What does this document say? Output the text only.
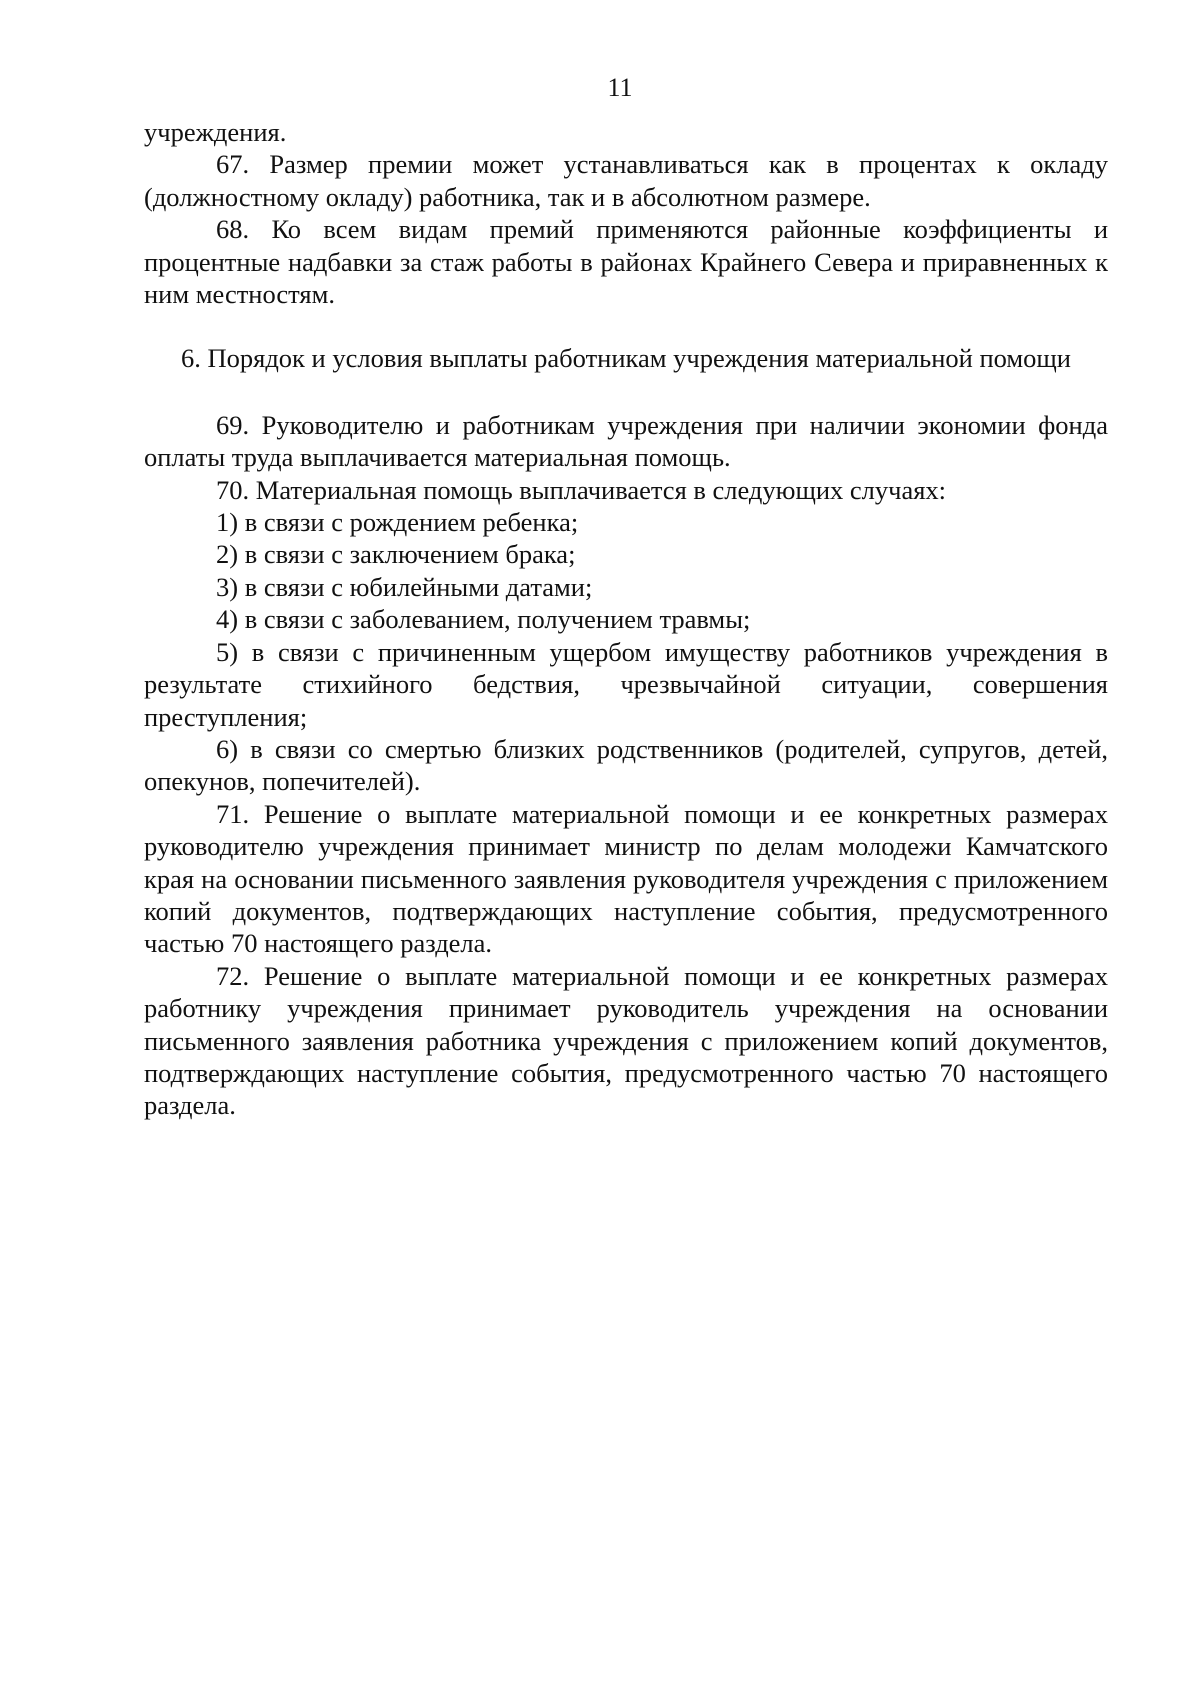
11

учреждения.

67. Размер премии может устанавливаться как в процентах к окладу (должностному окладу) работника, так и в абсолютном размере.

68. Ко всем видам премий применяются районные коэффициенты и процентные надбавки за стаж работы в районах Крайнего Севера и приравненных к ним местностям.

6. Порядок и условия выплаты работникам учреждения материальной помощи

69. Руководителю и работникам учреждения при наличии экономии фонда оплаты труда выплачивается материальная помощь.

70. Материальная помощь выплачивается в следующих случаях:

1) в связи с рождением ребенка;

2) в связи с заключением брака;

3) в связи с юбилейными датами;

4) в связи с заболеванием, получением травмы;

5) в связи с причиненным ущербом имуществу работников учреждения в результате стихийного бедствия, чрезвычайной ситуации, совершения преступления;

6) в связи со смертью близких родственников (родителей, супругов, детей, опекунов, попечителей).

71. Решение о выплате материальной помощи и ее конкретных размерах руководителю учреждения принимает министр по делам молодежи Камчатского края на основании письменного заявления руководителя учреждения с приложением копий документов, подтверждающих наступление события, предусмотренного частью 70 настоящего раздела.

72. Решение о выплате материальной помощи и ее конкретных размерах работнику учреждения принимает руководитель учреждения на основании письменного заявления работника учреждения с приложением копий документов, подтверждающих наступление события, предусмотренного частью 70 настоящего раздела.
